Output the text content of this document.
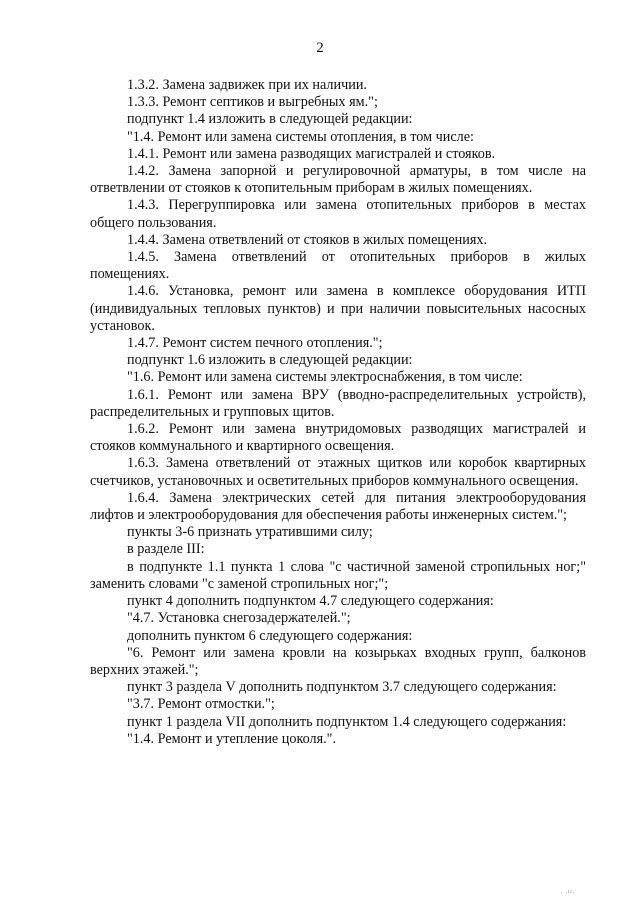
2

1.3.2. Замена задвижек при их наличии.

1.3.3. Ремонт септиков и выгребных ям.";

подпункт 1.4 изложить в следующей редакции:

"1.4. Ремонт или замена системы отопления, в том числе:

1.4.1. Ремонт или замена разводящих магистралей и стояков.

1.4.2. Замена запорной и регулировочной арматуры, в том числе на ответвлении от стояков к отопительным приборам в жилых помещениях.

1.4.3. Перегруппировка или замена отопительных приборов в местах общего пользования.

1.4.4. Замена ответвлений от стояков в жилых помещениях.

1.4.5. Замена ответвлений от отопительных приборов в жилых помещениях.

1.4.6. Установка, ремонт или замена в комплексе оборудования ИТП (индивидуальных тепловых пунктов) и при наличии повысительных насосных установок.

1.4.7. Ремонт систем печного отопления.";

подпункт 1.6 изложить в следующей редакции:

"1.6. Ремонт или замена системы электроснабжения, в том числе:

1.6.1. Ремонт или замена ВРУ (вводно-распределительных устройств), распределительных и групповых щитов.

1.6.2. Ремонт или замена внутридомовых разводящих магистралей и стояков коммунального и квартирного освещения.

1.6.3. Замена ответвлений от этажных щитков или коробок квартирных счетчиков, установочных и осветительных приборов коммунального освещения.

1.6.4. Замена электрических сетей для питания электрооборудования лифтов и электрооборудования для обеспечения работы инженерных систем.";

пункты 3-6 признать утратившими силу;

в разделе III:

в подпункте 1.1 пункта 1 слова "с частичной заменой стропильных ног;" заменить словами "с заменой стропильных ног;";

пункт 4 дополнить подпунктом 4.7 следующего содержания:

"4.7. Установка снегозадержателей.";

дополнить пунктом 6 следующего содержания:

"6. Ремонт или замена кровли на козырьках входных групп, балконов верхних этажей.";

пункт 3 раздела V дополнить подпунктом 3.7 следующего содержания:

"3.7. Ремонт отмостки.";

пункт 1 раздела VII дополнить подпунктом 1.4 следующего содержания:

"1.4. Ремонт и утепление цоколя.".

ᵣ ᵢₗₗᵢ
